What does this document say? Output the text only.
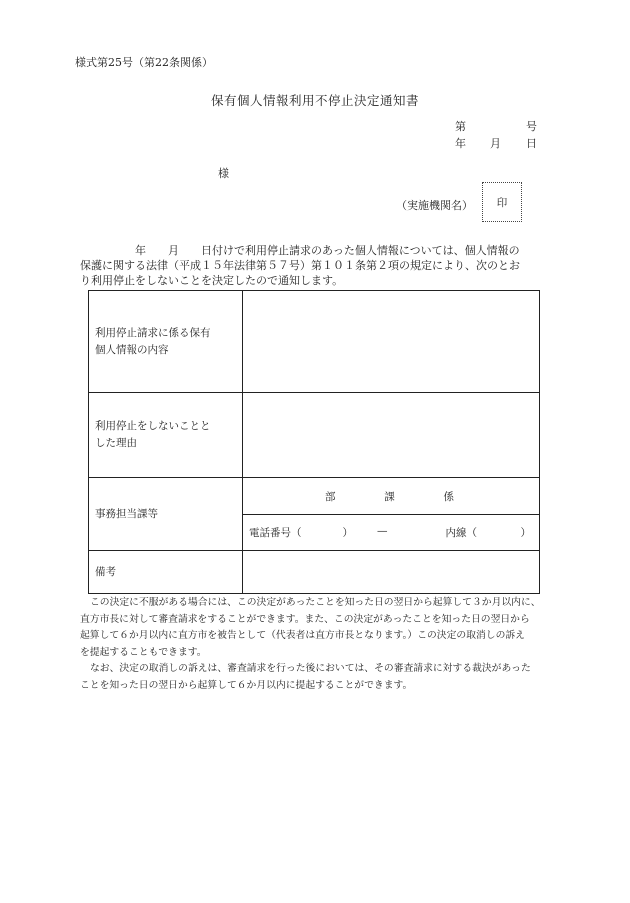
様式第25号（第22条関係）
保有個人情報利用不停止決定通知書
第	号
年 月 日
様
（実施機関名） 印
年　　月　　日付けで利用停止請求のあった個人情報については、個人情報の
保護に関する法律（平成１５年法律第５７号）第１０１条第２項の規定により、次のとお
り利用停止をしないことを決定したので通知します。
利用停止請求に係る保有
個人情報の内容	

利用停止をしないことと
した理由	

事務担当課等	部 課 係

	電話番号（ ） — 内線（ ）

備考	

この決定に不服がある場合には、この決定があったことを知った日の翌日から起算して３か月以内に、
直方市長に対して審査請求をすることができます。また、この決定があったことを知った日の翌日から
起算して６か月以内に直方市を被告として（代表者は直方市長となります。）この決定の取消しの訴え
を提起することもできます。
なお、決定の取消しの訴えは、審査請求を行った後においては、その審査請求に対する裁決があった
ことを知った日の翌日から起算して６か月以内に提起することができます。
